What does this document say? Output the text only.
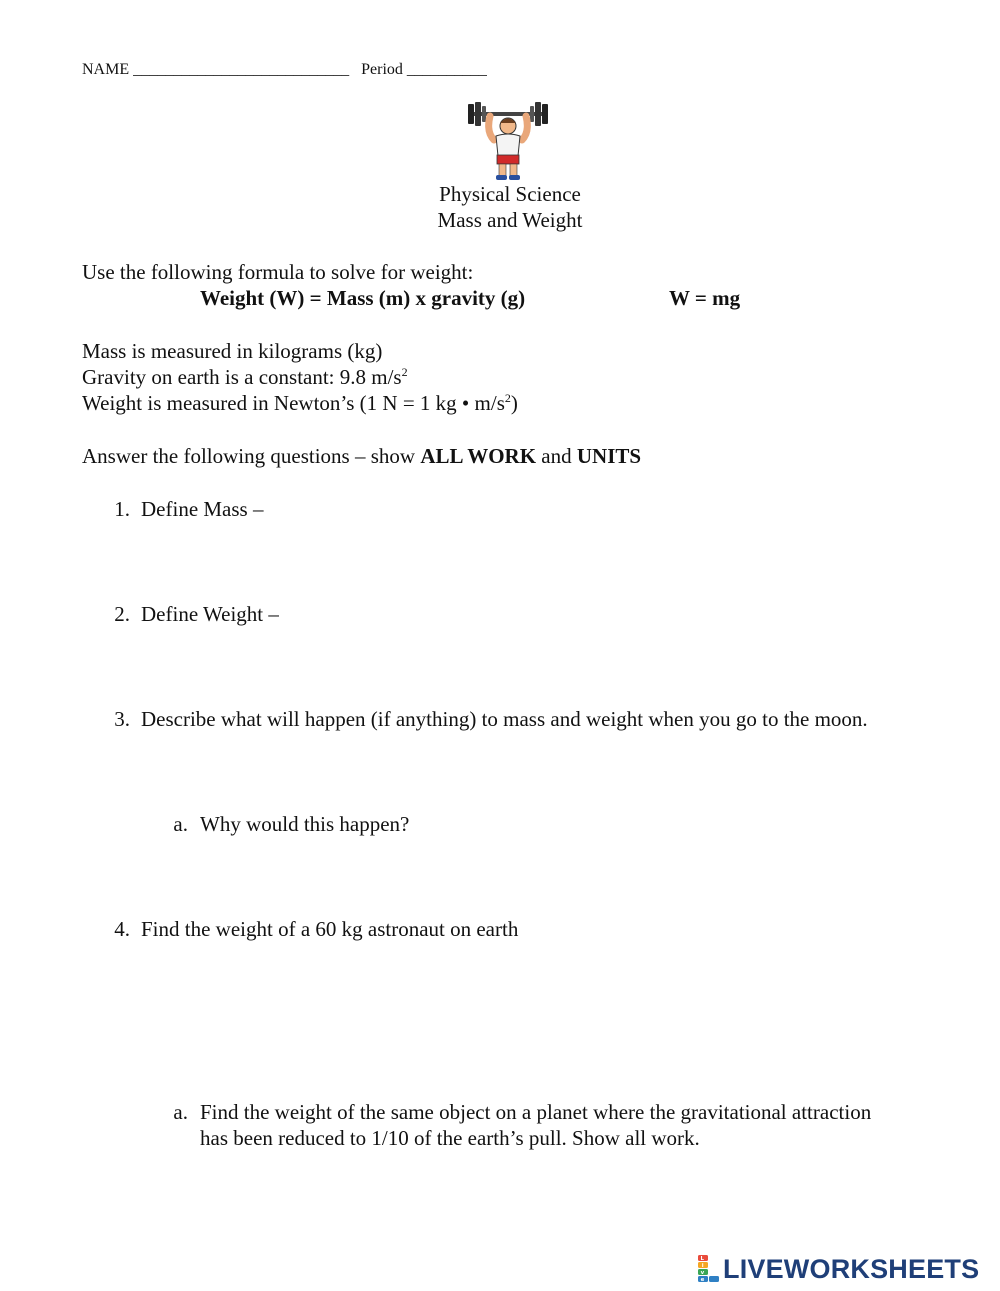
NAME ___________________________ Period __________
Physical Science
Mass and Weight
Use the following formula to solve for weight:
Weight (W) = Mass (m) x gravity (g)	W = mg
Mass is measured in kilograms (kg)
Gravity on earth is a constant: 9.8 $m/s^2$
Weight is measured in Newton’s (1 N = 1 kg • $m/s^2$)
Answer the following questions – show ALL WORK and UNITS
1. Define Mass –
2. Define Weight –
3. Describe what will happen (if anything) to mass and weight when you go to the moon.
a. Why would this happen?
4. Find the weight of a 60 kg astronaut on earth
a. Find the weight of the same object on a planet where the gravitational attraction
has been reduced to 1/10 of the earth’s pull. Show all work.
L
i
v
e LIVEWORKSHEETS
